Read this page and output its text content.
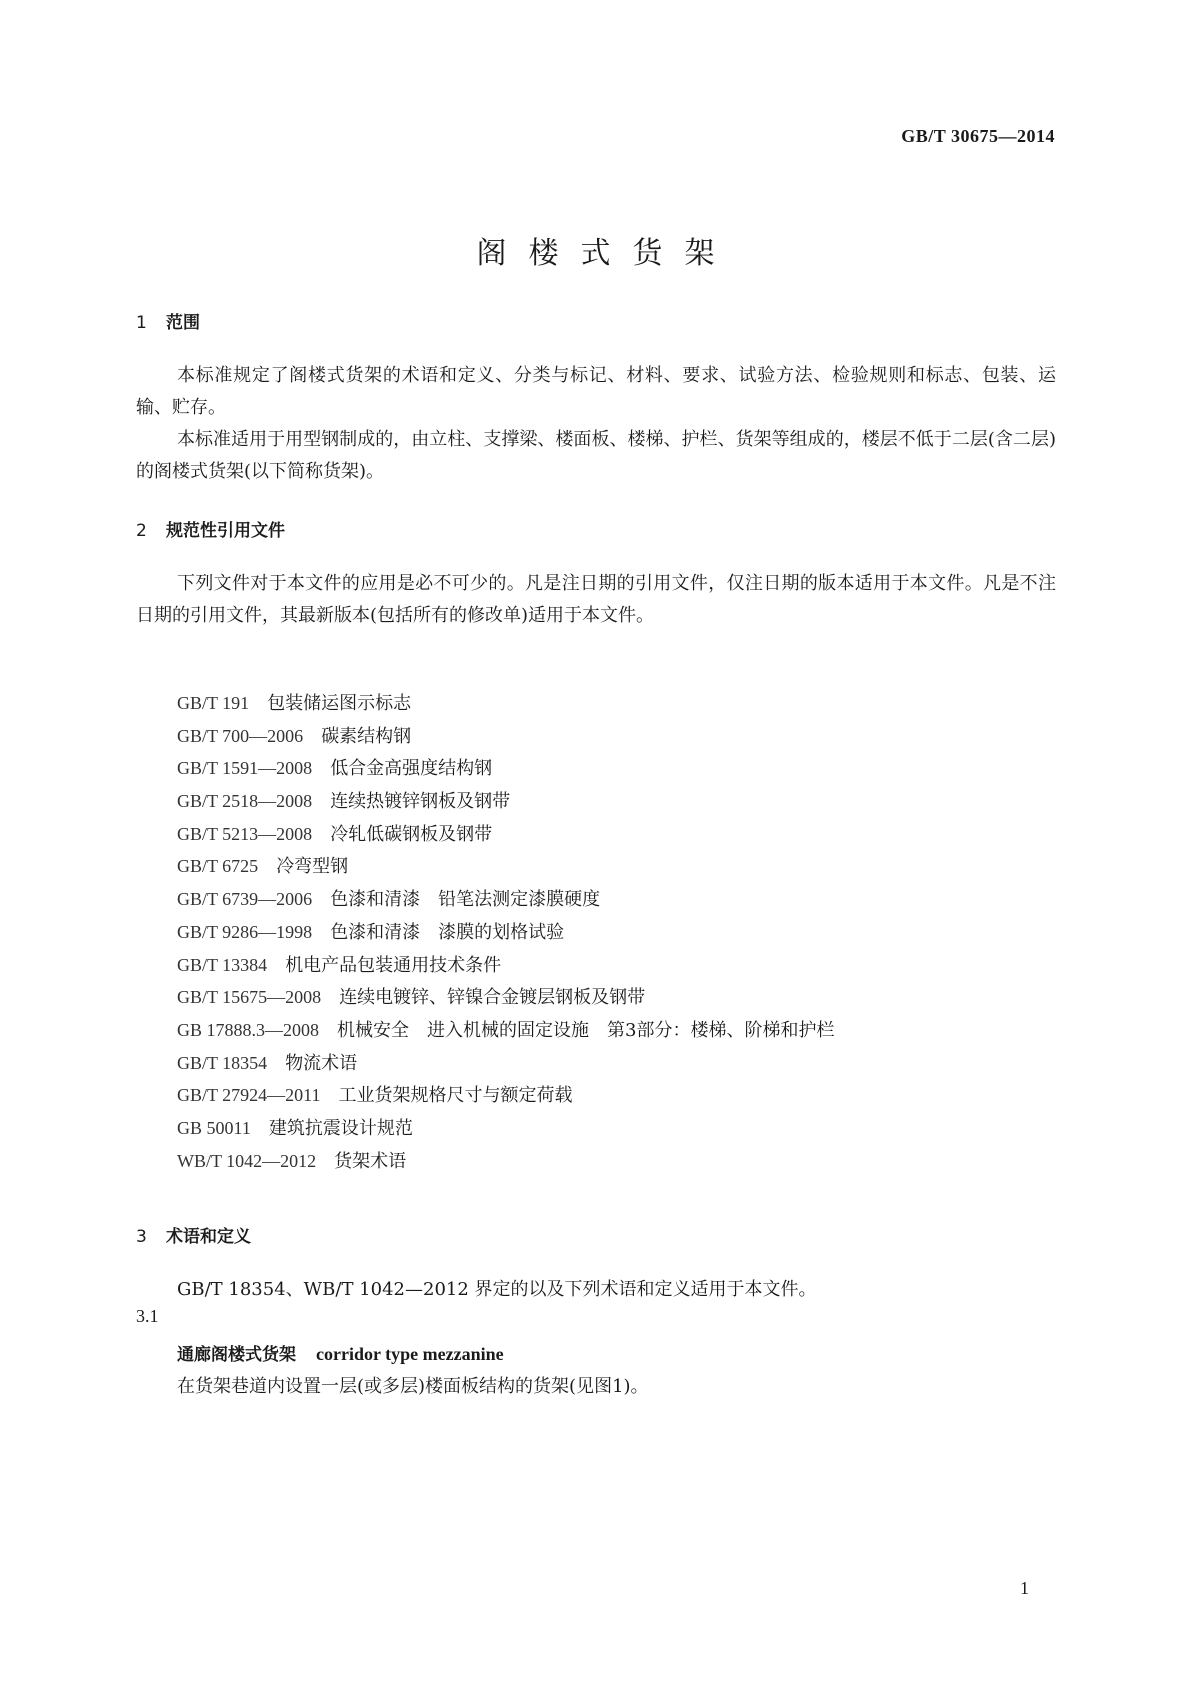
GB/T 30675—2014
阁楼式货架
1 范围

本标准规定了阁楼式货架的术语和定义、分类与标记、材料、要求、试验方法、检验规则和标志、包装、运输、贮存。

本标准适用于用型钢制成的，由立柱、支撑梁、楼面板、楼梯、护栏、货架等组成的，楼层不低于二层(含二层)的阁楼式货架(以下简称货架)。

2 规范性引用文件

下列文件对于本文件的应用是必不可少的。凡是注日期的引用文件，仅注日期的版本适用于本文件。凡是不注日期的引用文件，其最新版本(包括所有的修改单)适用于本文件。

GB/T 191 包装储运图示标志
GB/T 700—2006 碳素结构钢
GB/T 1591—2008 低合金高强度结构钢
GB/T 2518—2008 连续热镀锌钢板及钢带
GB/T 5213—2008 冷轧低碳钢板及钢带
GB/T 6725 冷弯型钢
GB/T 6739—2006 色漆和清漆　铅笔法测定漆膜硬度
GB/T 9286—1998 色漆和清漆　漆膜的划格试验
GB/T 13384 机电产品包装通用技术条件
GB/T 15675—2008 连续电镀锌、锌镍合金镀层钢板及钢带
GB 17888.3—2008 机械安全　进入机械的固定设施　第3部分：楼梯、阶梯和护栏
GB/T 18354 物流术语
GB/T 27924—2011 工业货架规格尺寸与额定荷载
GB 50011 建筑抗震设计规范
WB/T 1042—2012 货架术语
3 术语和定义

GB/T 18354、WB/T 1042—2012 界定的以及下列术语和定义适用于本文件。

3.1
通廊阁楼式货架 corridor type mezzanine
在货架巷道内设置一层(或多层)楼面板结构的货架(见图1)。
1
